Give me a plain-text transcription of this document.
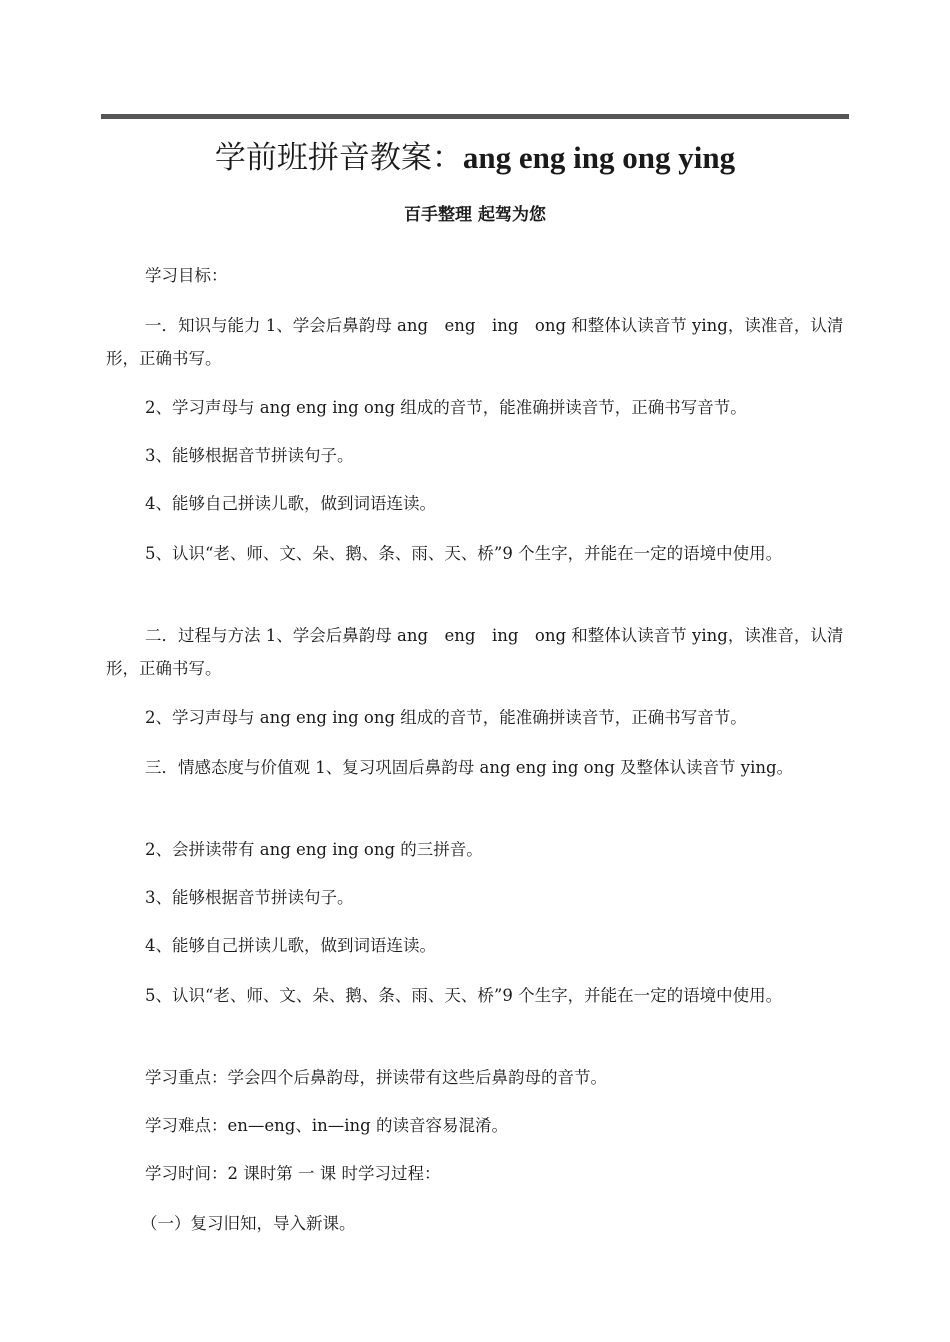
学前班拼音教案：ang eng ing ong ying
百手整理 起驾为您

学习目标：

一．知识与能力 1、学会后鼻韵母 ang　eng　ing　ong 和整体认读音节 ying，读准音，认清形，正确书写。

2、学习声母与 ang eng ing ong 组成的音节，能准确拼读音节，正确书写音节。

3、能够根据音节拼读句子。

4、能够自己拼读儿歌，做到词语连读。

5、认识“老、师、文、朵、鹅、条、雨、天、桥”9 个生字，并能在一定的语境中使用。

二．过程与方法 1、学会后鼻韵母 ang　eng　ing　ong 和整体认读音节 ying，读准音，认清形，正确书写。

2、学习声母与 ang eng ing ong 组成的音节，能准确拼读音节，正确书写音节。

三．情感态度与价值观 1、复习巩固后鼻韵母 ang eng ing ong 及整体认读音节 ying。

2、会拼读带有 ang eng ing ong 的三拼音。

3、能够根据音节拼读句子。

4、能够自己拼读儿歌，做到词语连读。

5、认识“老、师、文、朵、鹅、条、雨、天、桥”9 个生字，并能在一定的语境中使用。

学习重点：学会四个后鼻韵母，拼读带有这些后鼻韵母的音节。

学习难点：en—eng、in—ing 的读音容易混淆。

学习时间：2 课时第 一 课 时学习过程：

（一）复习旧知，导入新课。
